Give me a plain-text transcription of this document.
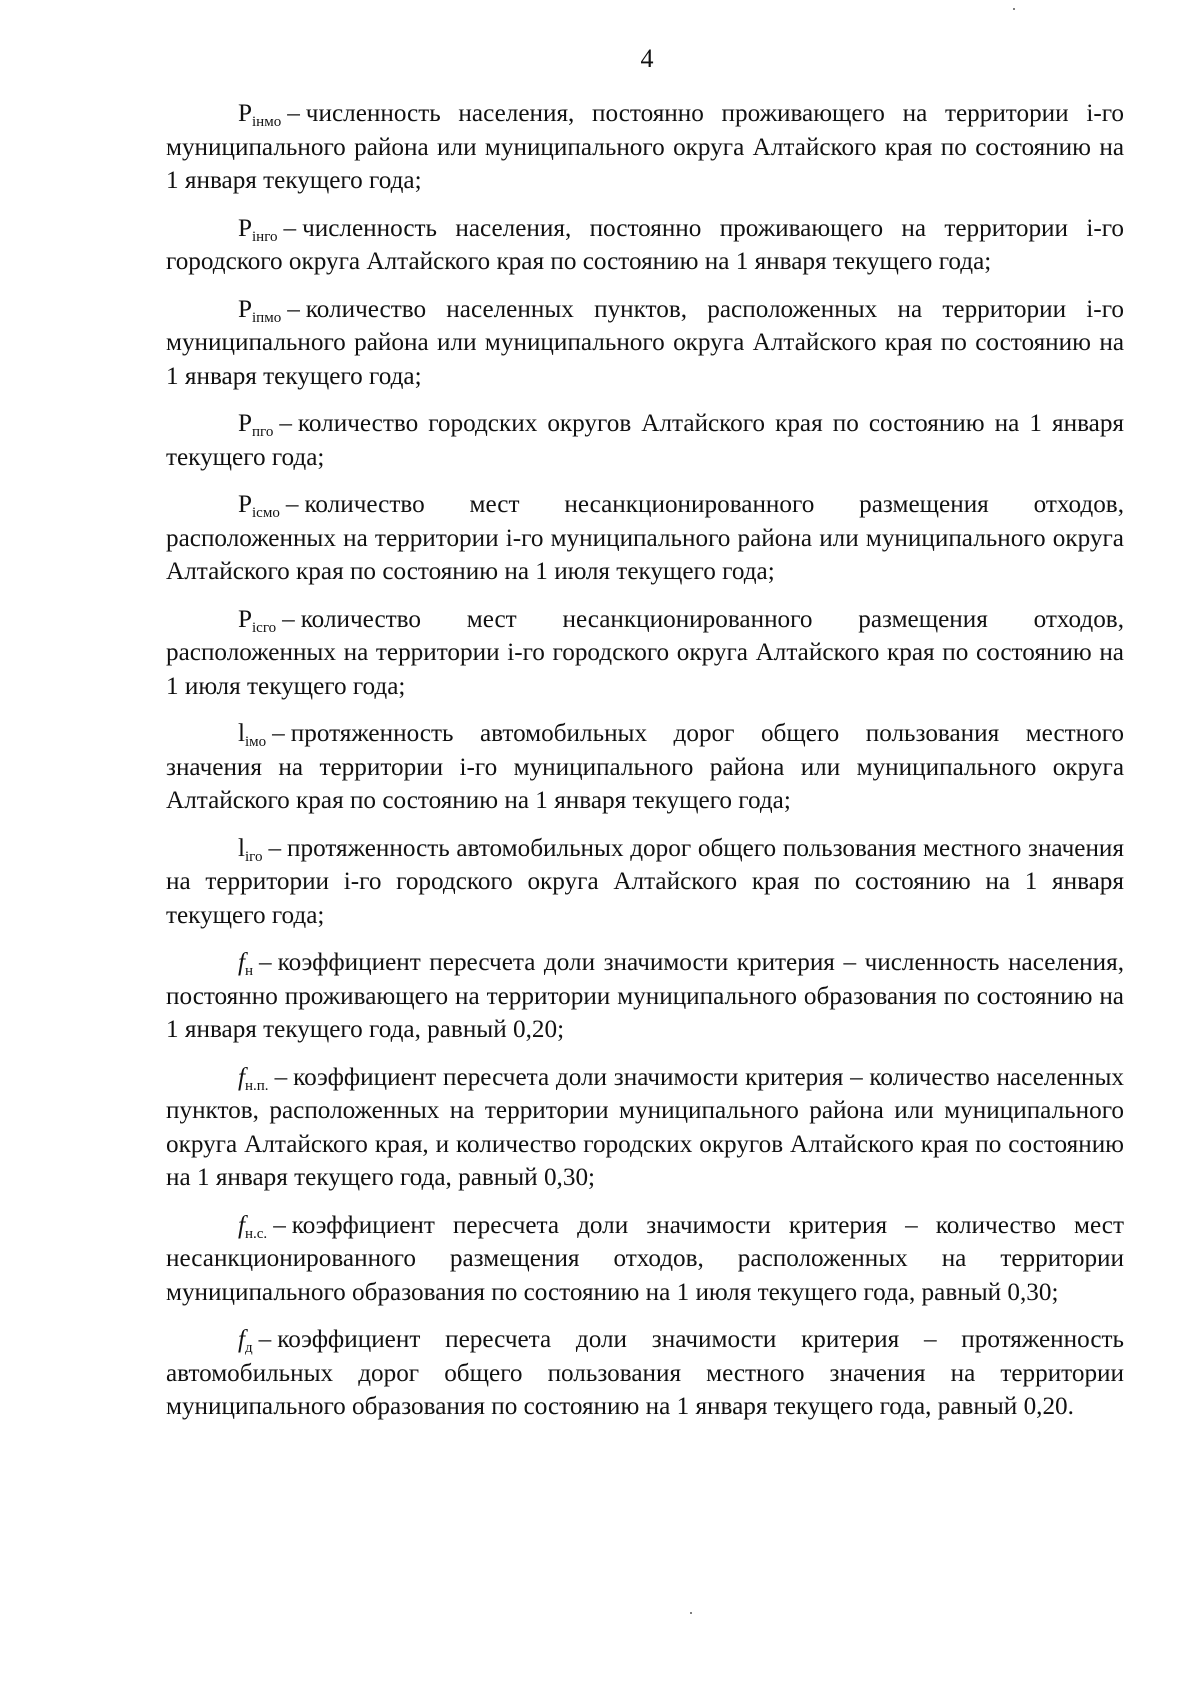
4

$P_{iнмо}$ – численность населения, постоянно проживающего на территории i-го муниципального района или муниципального округа Алтайского края по состоянию на 1 января текущего года;

$P_{iнго}$ – численность населения, постоянно проживающего на территории i-го городского округа Алтайского края по состоянию на 1 января текущего года;

$P_{iпмо}$ – количество населенных пунктов, расположенных на территории i-го муниципального района или муниципального округа Алтайского края по состоянию на 1 января текущего года;

$P_{пго}$ – количество городских округов Алтайского края по состоянию на 1 января текущего года;

$P_{iсмо}$ – количество мест несанкционированного размещения отходов, расположенных на территории i-го муниципального района или муниципального округа Алтайского края по состоянию на 1 июля текущего года;

$P_{iсго}$ – количество мест несанкционированного размещения отходов, расположенных на территории i-го городского округа Алтайского края по состоянию на 1 июля текущего года;

$l_{iмо}$ – протяженность автомобильных дорог общего пользования местного значения на территории i-го муниципального района или муниципального округа Алтайского края по состоянию на 1 января текущего года;

$l_{iго}$ – протяженность автомобильных дорог общего пользования местного значения на территории i-го городского округа Алтайского края по состоянию на 1 января текущего года;

$f_н$ – коэффициент пересчета доли значимости критерия – численность населения, постоянно проживающего на территории муниципального образования по состоянию на 1 января текущего года, равный 0,20;

$f_{н.п.}$ – коэффициент пересчета доли значимости критерия – количество населенных пунктов, расположенных на территории муниципального района или муниципального округа Алтайского края, и количество городских округов Алтайского края по состоянию на 1 января текущего года, равный 0,30;

$f_{н.с.}$ – коэффициент пересчета доли значимости критерия – количество мест несанкционированного размещения отходов, расположенных на территории муниципального образования по состоянию на 1 июля текущего года, равный 0,30;

$f_д$ – коэффициент пересчета доли значимости критерия – протяженность автомобильных дорог общего пользования местного значения на территории муниципального образования по состоянию на 1 января текущего года, равный 0,20.
